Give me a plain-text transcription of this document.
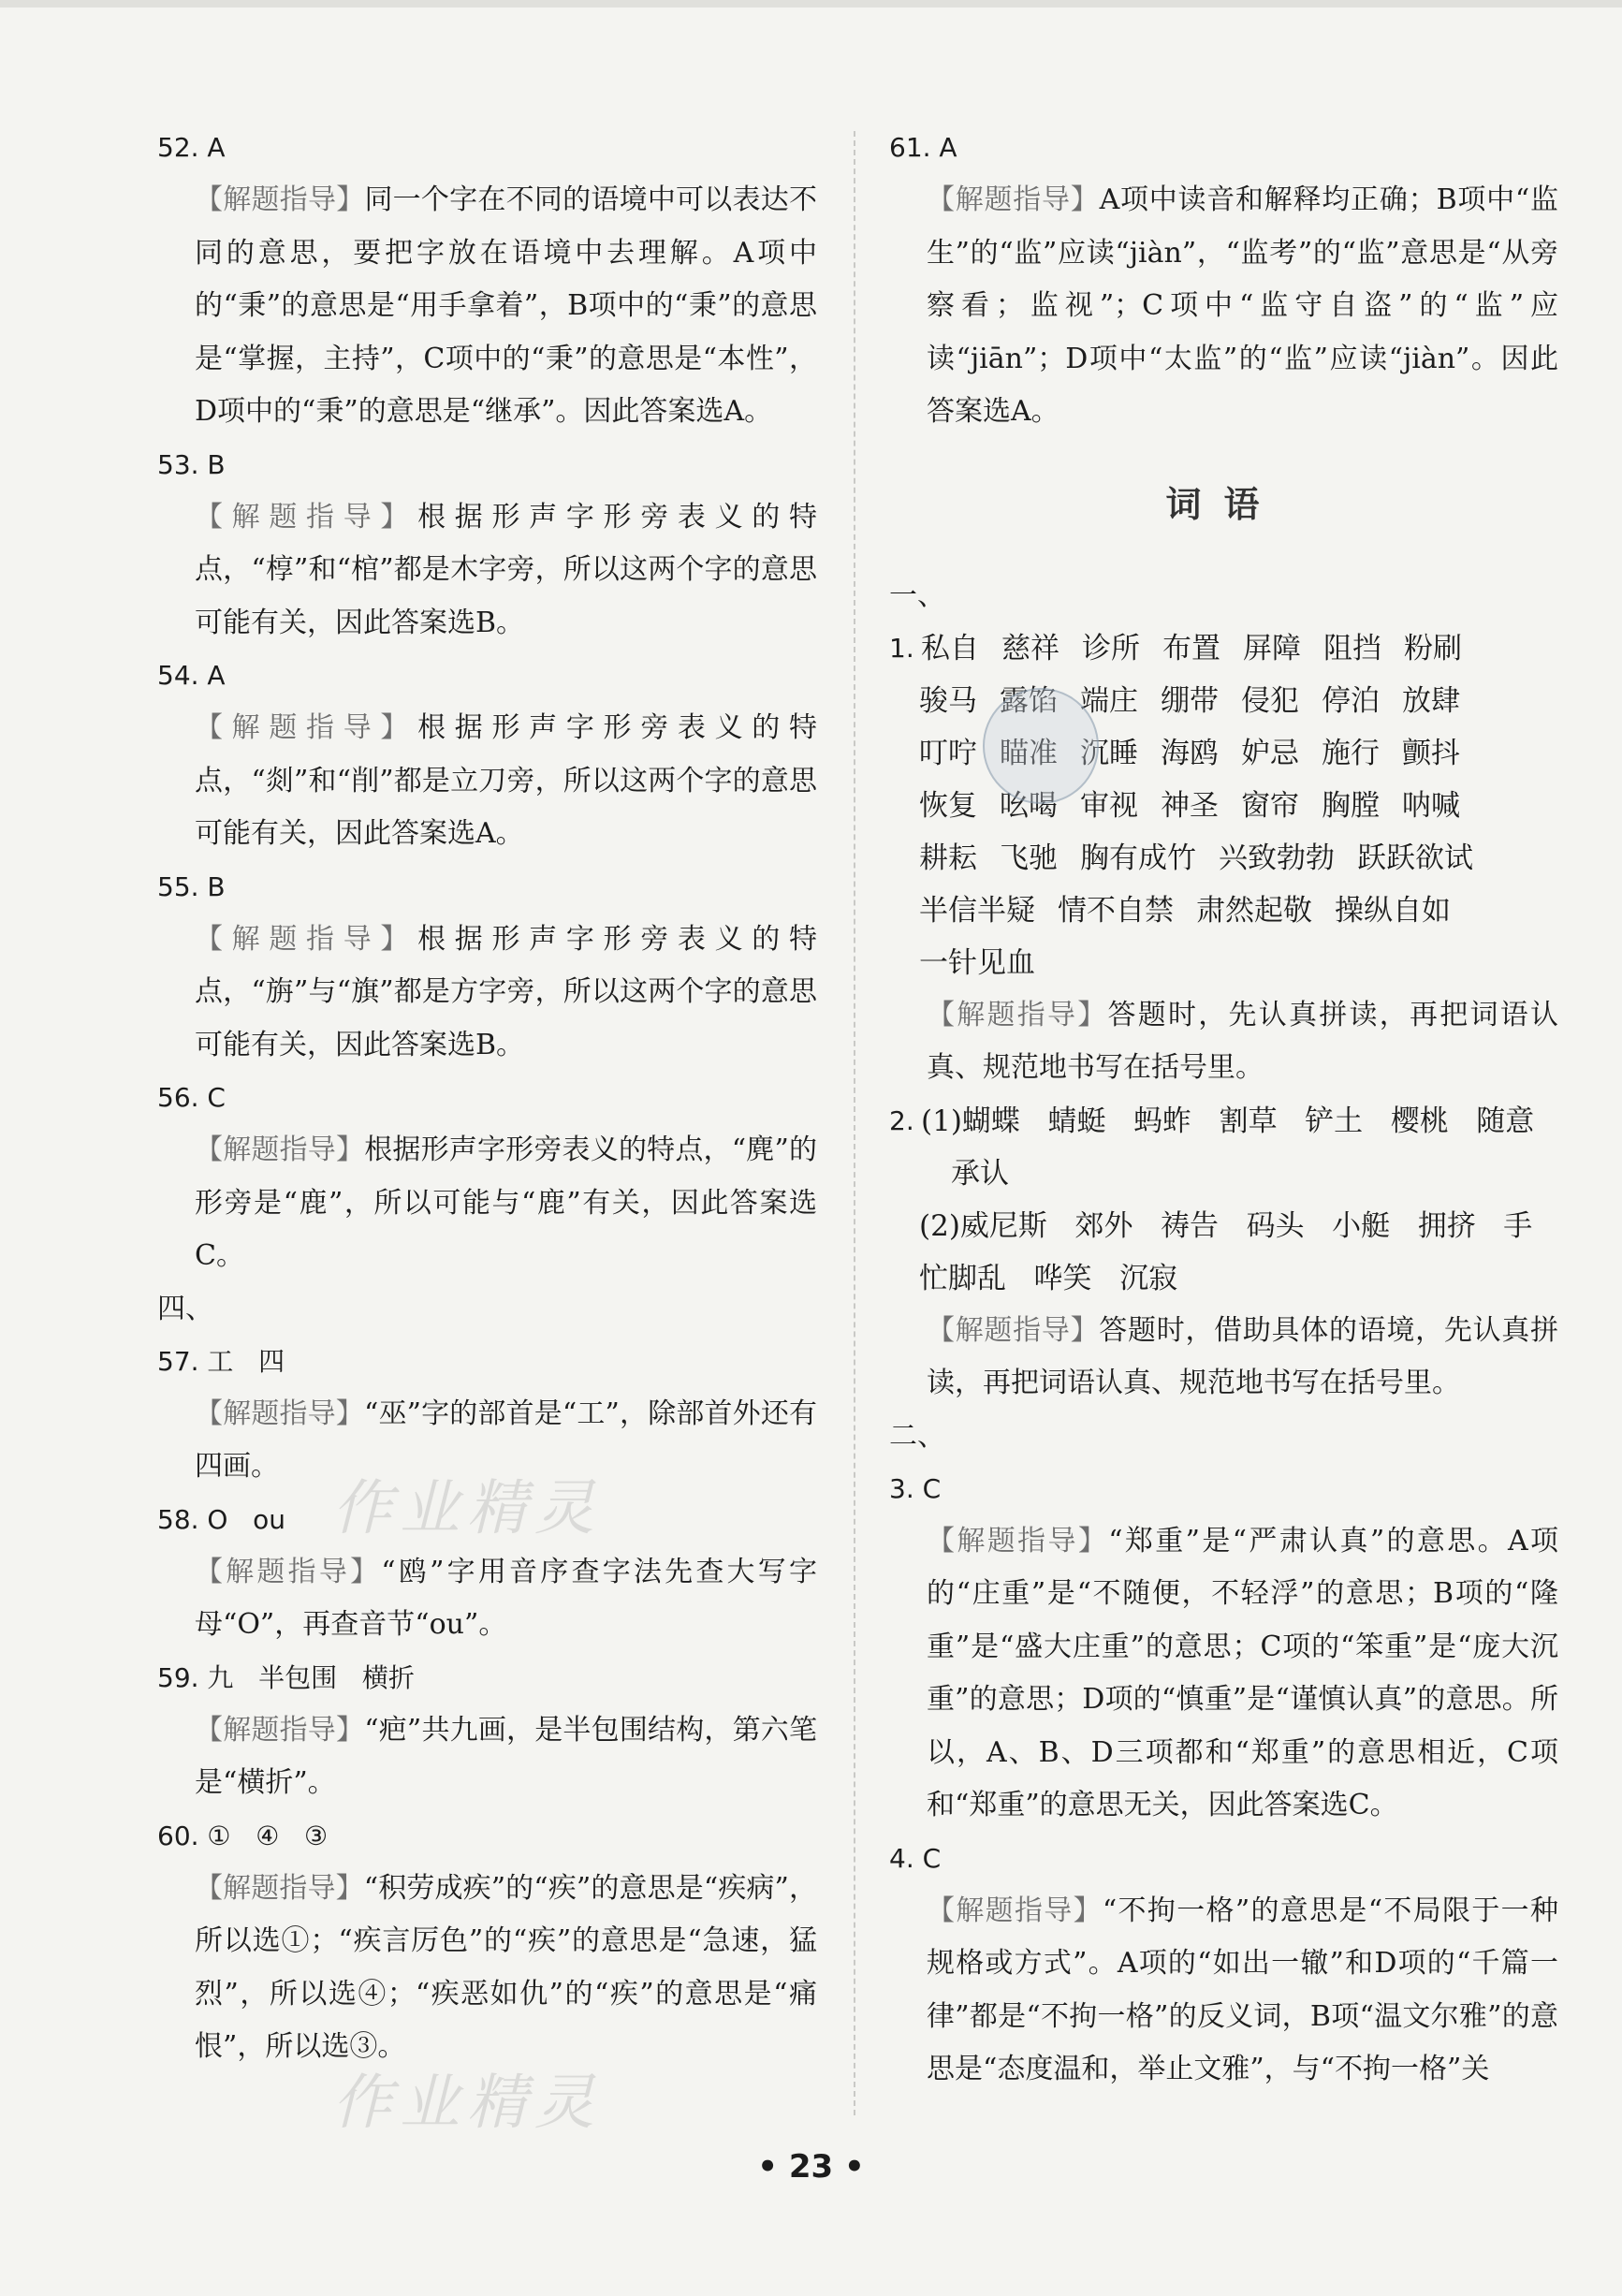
52. A
【解题指导】同一个字在不同的语境中可以表达不同的意思，要把字放在语境中去理解。A项中的“秉”的意思是“用手拿着”，B项中的“秉”的意思是“掌握，主持”，C项中的“秉”的意思是“本性”，D项中的“秉”的意思是“继承”。因此答案选A。
53. B
【解题指导】根据形声字形旁表义的特点，“椁”和“棺”都是木字旁，所以这两个字的意思可能有关，因此答案选B。
54. A
【解题指导】根据形声字形旁表义的特点，“剡”和“削”都是立刀旁，所以这两个字的意思可能有关，因此答案选A。
55. B
【解题指导】根据形声字形旁表义的特点，“旃”与“旗”都是方字旁，所以这两个字的意思可能有关，因此答案选B。
56. C
【解题指导】根据形声字形旁表义的特点，“麂”的形旁是“鹿”，所以可能与“鹿”有关，因此答案选C。
四、
57. 工   四
【解题指导】“巫”字的部首是“工”，除部首外还有四画。
58. O   ou
【解题指导】“鸥”字用音序查字法先查大写字母“O”，再查音节“ou”。
59. 九   半包围   横折
【解题指导】“疤”共九画，是半包围结构，第六笔是“横折”。
60. ①   ④   ③
【解题指导】“积劳成疾”的“疾”的意思是“疾病”，所以选①；“疾言厉色”的“疾”的意思是“急速，猛烈”，所以选④；“疾恶如仇”的“疾”的意思是“痛恨”，所以选③。
61. A
【解题指导】A项中读音和解释均正确；B项中“监生”的“监”应读“jiàn”，“监考”的“监”意思是“从旁察看；监视”；C项中“监守自盗”的“监”应读“jiān”；D项中“太监”的“监”应读“jiàn”。因此答案选A。
词语
一、
1. 私自 慈祥 诊所 布置 屏障 阻挡 粉刷
骏马 露馅 端庄 绷带 侵犯 停泊 放肆
叮咛 瞄准 沉睡 海鸥 妒忌 施行 颤抖
恢复 吆喝 审视 神圣 窗帘 胸膛 呐喊
耕耘 飞驰 胸有成竹 兴致勃勃 跃跃欲试
半信半疑 情不自禁 肃然起敬 操纵自如
一针见血
【解题指导】答题时，先认真拼读，再把词语认真、规范地书写在括号里。
2. (1)蝴蝶   蜻蜓   蚂蚱   割草   铲土   樱桃   随意
承认
(2)威尼斯   郊外   祷告   码头   小艇   拥挤   手
忙脚乱   哗笑   沉寂
【解题指导】答题时，借助具体的语境，先认真拼读，再把词语认真、规范地书写在括号里。
二、
3. C
【解题指导】“郑重”是“严肃认真”的意思。A项的“庄重”是“不随便，不轻浮”的意思；B项的“隆重”是“盛大庄重”的意思；C项的“笨重”是“庞大沉重”的意思；D项的“慎重”是“谨慎认真”的意思。所以，A、B、D三项都和“郑重”的意思相近，C项和“郑重”的意思无关，因此答案选C。
4. C
【解题指导】“不拘一格”的意思是“不局限于一种规格或方式”。A项的“如出一辙”和D项的“千篇一律”都是“不拘一格”的反义词，B项“温文尔雅”的意思是“态度温和，举止文雅”，与“不拘一格”关
作业精灵
作业精灵
• 23 •
